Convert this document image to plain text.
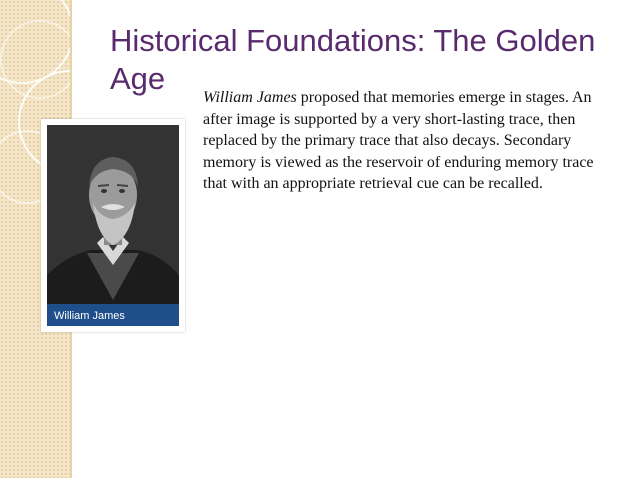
Historical Foundations: The Golden Age
William James

William James proposed that memories emerge in stages. An after image is supported by a very short-lasting trace, then replaced by the primary trace that also decays. Secondary memory is viewed as the reservoir of enduring memory trace that with an appropriate retrieval cue can be recalled.
